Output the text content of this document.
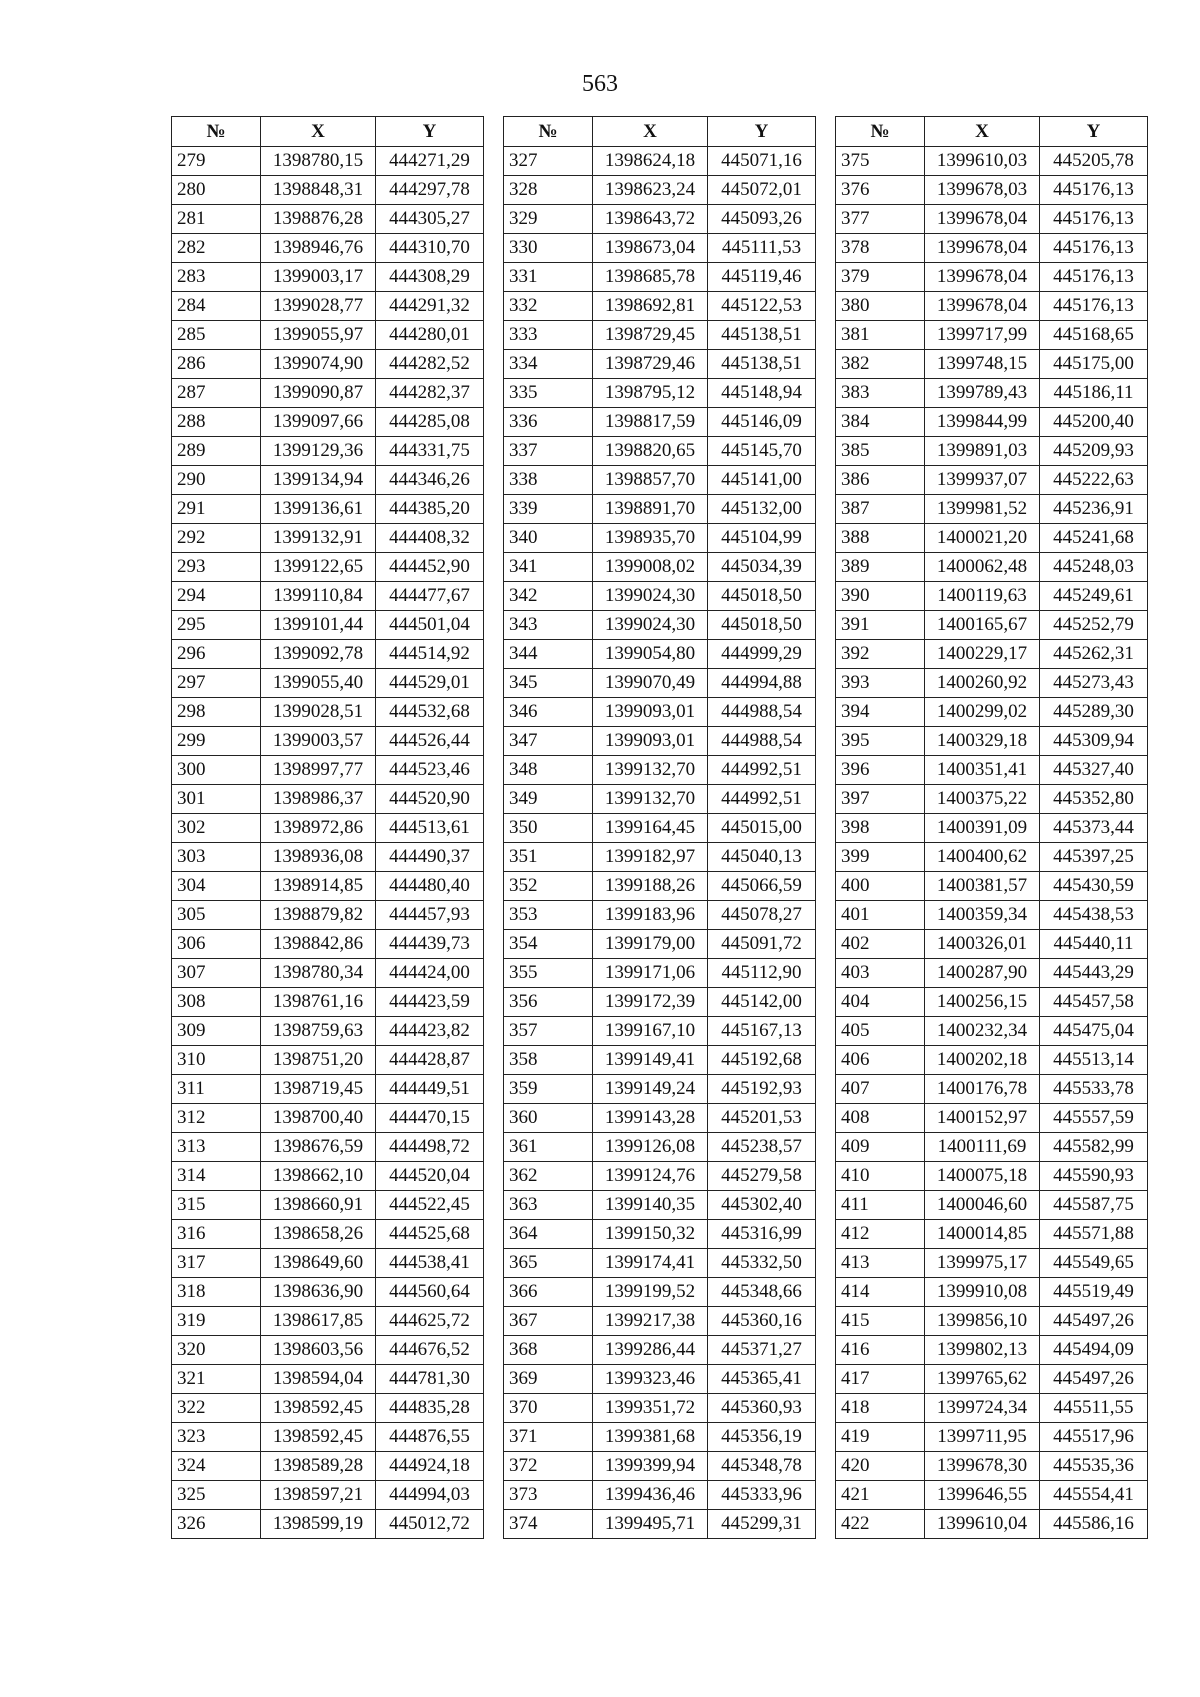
563
№	X	Y
279	1398780,15	444271,29
280	1398848,31	444297,78
281	1398876,28	444305,27
282	1398946,76	444310,70
283	1399003,17	444308,29
284	1399028,77	444291,32
285	1399055,97	444280,01
286	1399074,90	444282,52
287	1399090,87	444282,37
288	1399097,66	444285,08
289	1399129,36	444331,75
290	1399134,94	444346,26
291	1399136,61	444385,20
292	1399132,91	444408,32
293	1399122,65	444452,90
294	1399110,84	444477,67
295	1399101,44	444501,04
296	1399092,78	444514,92
297	1399055,40	444529,01
298	1399028,51	444532,68
299	1399003,57	444526,44
300	1398997,77	444523,46
301	1398986,37	444520,90
302	1398972,86	444513,61
303	1398936,08	444490,37
304	1398914,85	444480,40
305	1398879,82	444457,93
306	1398842,86	444439,73
307	1398780,34	444424,00
308	1398761,16	444423,59
309	1398759,63	444423,82
310	1398751,20	444428,87
311	1398719,45	444449,51
312	1398700,40	444470,15
313	1398676,59	444498,72
314	1398662,10	444520,04
315	1398660,91	444522,45
316	1398658,26	444525,68
317	1398649,60	444538,41
318	1398636,90	444560,64
319	1398617,85	444625,72
320	1398603,56	444676,52
321	1398594,04	444781,30
322	1398592,45	444835,28
323	1398592,45	444876,55
324	1398589,28	444924,18
325	1398597,21	444994,03
326	1398599,19	445012,72
№	X	Y
327	1398624,18	445071,16
328	1398623,24	445072,01
329	1398643,72	445093,26
330	1398673,04	445111,53
331	1398685,78	445119,46
332	1398692,81	445122,53
333	1398729,45	445138,51
334	1398729,46	445138,51
335	1398795,12	445148,94
336	1398817,59	445146,09
337	1398820,65	445145,70
338	1398857,70	445141,00
339	1398891,70	445132,00
340	1398935,70	445104,99
341	1399008,02	445034,39
342	1399024,30	445018,50
343	1399024,30	445018,50
344	1399054,80	444999,29
345	1399070,49	444994,88
346	1399093,01	444988,54
347	1399093,01	444988,54
348	1399132,70	444992,51
349	1399132,70	444992,51
350	1399164,45	445015,00
351	1399182,97	445040,13
352	1399188,26	445066,59
353	1399183,96	445078,27
354	1399179,00	445091,72
355	1399171,06	445112,90
356	1399172,39	445142,00
357	1399167,10	445167,13
358	1399149,41	445192,68
359	1399149,24	445192,93
360	1399143,28	445201,53
361	1399126,08	445238,57
362	1399124,76	445279,58
363	1399140,35	445302,40
364	1399150,32	445316,99
365	1399174,41	445332,50
366	1399199,52	445348,66
367	1399217,38	445360,16
368	1399286,44	445371,27
369	1399323,46	445365,41
370	1399351,72	445360,93
371	1399381,68	445356,19
372	1399399,94	445348,78
373	1399436,46	445333,96
374	1399495,71	445299,31
№	X	Y
375	1399610,03	445205,78
376	1399678,03	445176,13
377	1399678,04	445176,13
378	1399678,04	445176,13
379	1399678,04	445176,13
380	1399678,04	445176,13
381	1399717,99	445168,65
382	1399748,15	445175,00
383	1399789,43	445186,11
384	1399844,99	445200,40
385	1399891,03	445209,93
386	1399937,07	445222,63
387	1399981,52	445236,91
388	1400021,20	445241,68
389	1400062,48	445248,03
390	1400119,63	445249,61
391	1400165,67	445252,79
392	1400229,17	445262,31
393	1400260,92	445273,43
394	1400299,02	445289,30
395	1400329,18	445309,94
396	1400351,41	445327,40
397	1400375,22	445352,80
398	1400391,09	445373,44
399	1400400,62	445397,25
400	1400381,57	445430,59
401	1400359,34	445438,53
402	1400326,01	445440,11
403	1400287,90	445443,29
404	1400256,15	445457,58
405	1400232,34	445475,04
406	1400202,18	445513,14
407	1400176,78	445533,78
408	1400152,97	445557,59
409	1400111,69	445582,99
410	1400075,18	445590,93
411	1400046,60	445587,75
412	1400014,85	445571,88
413	1399975,17	445549,65
414	1399910,08	445519,49
415	1399856,10	445497,26
416	1399802,13	445494,09
417	1399765,62	445497,26
418	1399724,34	445511,55
419	1399711,95	445517,96
420	1399678,30	445535,36
421	1399646,55	445554,41
422	1399610,04	445586,16
